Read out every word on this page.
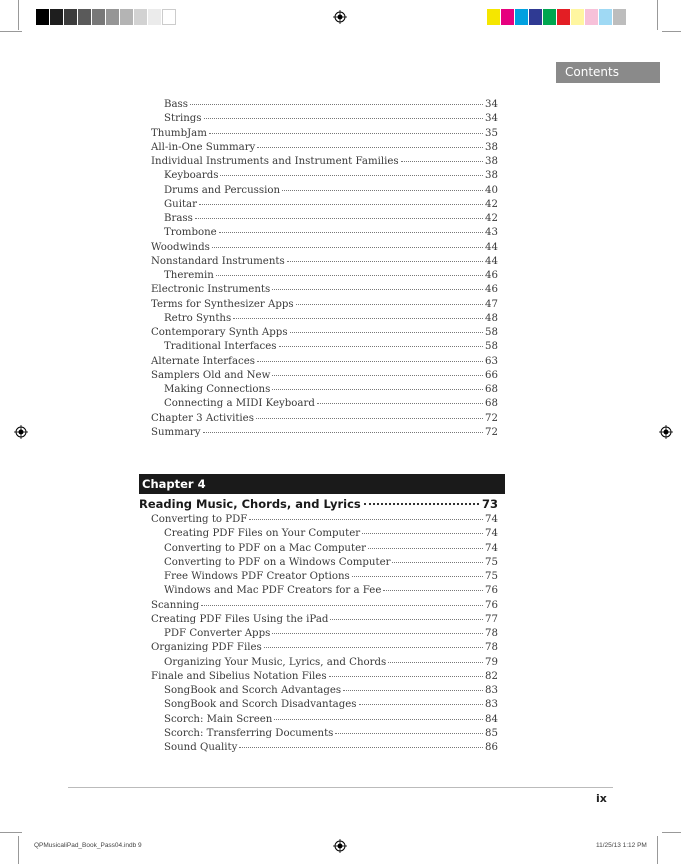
Contents
Bass	34
Strings	34
ThumbJam	35
All-in-One Summary	38
Individual Instruments and Instrument Families	38
Keyboards	38
Drums and Percussion	40
Guitar	42
Brass	42
Trombone	43
Woodwinds	44
Nonstandard Instruments	44
Theremin	46
Electronic Instruments	46
Terms for Synthesizer Apps	47
Retro Synths	48
Contemporary Synth Apps	58
Traditional Interfaces	58
Alternate Interfaces	63
Samplers Old and New	66
Making Connections	68
Connecting a MIDI Keyboard	68
Chapter 3 Activities	72
Summary	72
Chapter 4
Reading Music, Chords, and Lyrics	73
Converting to PDF	74
Creating PDF Files on Your Computer	74
Converting to PDF on a Mac Computer	74
Converting to PDF on a Windows Computer	75
Free Windows PDF Creator Options	75
Windows and Mac PDF Creators for a Fee	76
Scanning	76
Creating PDF Files Using the iPad	77
PDF Converter Apps	78
Organizing PDF Files	78
Organizing Your Music, Lyrics, and Chords	79
Finale and Sibelius Notation Files	82
SongBook and Scorch Advantages	83
SongBook and Scorch Disadvantages	83
Scorch: Main Screen	84
Scorch: Transferring Documents	85
Sound Quality	86
ix
QPMusicaliPad_Book_Pass04.indb 9	11/25/13 1:12 PM
